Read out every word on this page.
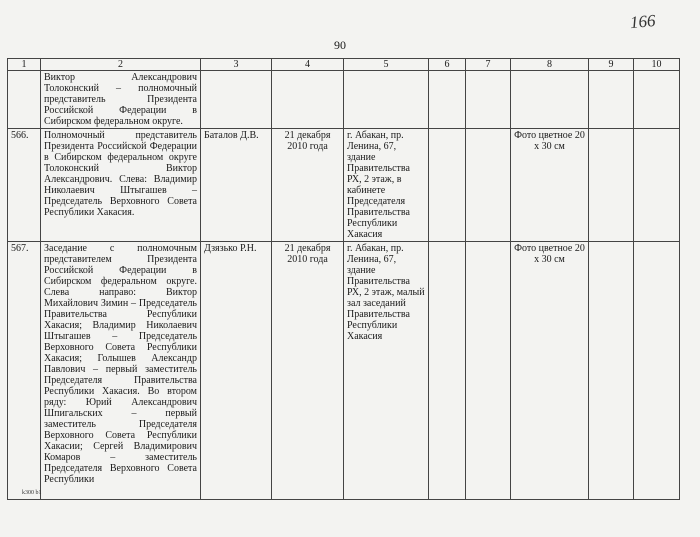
90
166
1	2	3	4	5	6	7	8	9	10
	Виктор Александрович Толоконский – полномочный представитель Президента Российской Федерации в Сибирском федеральном округе.								
566.	Полномочный представитель Президента Российской Федерации в Сибирском федеральном округе Толоконский Виктор Александрович. Слева: Владимир Николаевич Штыгашев – Председатель Верховного Совета Республики Хакасия.	Баталов Д.В.	21 декабря 2010 года	г. Абакан, пр. Ленина, 67, здание Правительства РХ, 2 этаж, в кабинете Председателя Правительства Республики Хакасия			Фото цветное 20 х 30 см		
567.	Заседание с полномочным представителем Президента Российской Федерации в Сибирском федеральном округе. Слева направо: Виктор Михайлович Зимин – Председатель Правительства Республики Хакасия; Владимир Николаевич Штыгашев – Председатель Верховного Совета Республики Хакасия; Голышев Александр Павлович – первый заместитель Председателя Правительства Республики Хакасия. Во втором ряду: Юрий Александрович Шпигальских – первый заместитель Председателя Верховного Совета Республики Хакасии; Сергей Владимирович Комаров – заместитель Председателя Верховного Совета Республики	Дзязько Р.Н.	21 декабря 2010 года	г. Абакан, пр. Ленина, 67, здание Правительства РХ, 2 этаж, малый зал заседаний Правительства Республики Хакасия			Фото цветное 20 х 30 см		
k300 b1
